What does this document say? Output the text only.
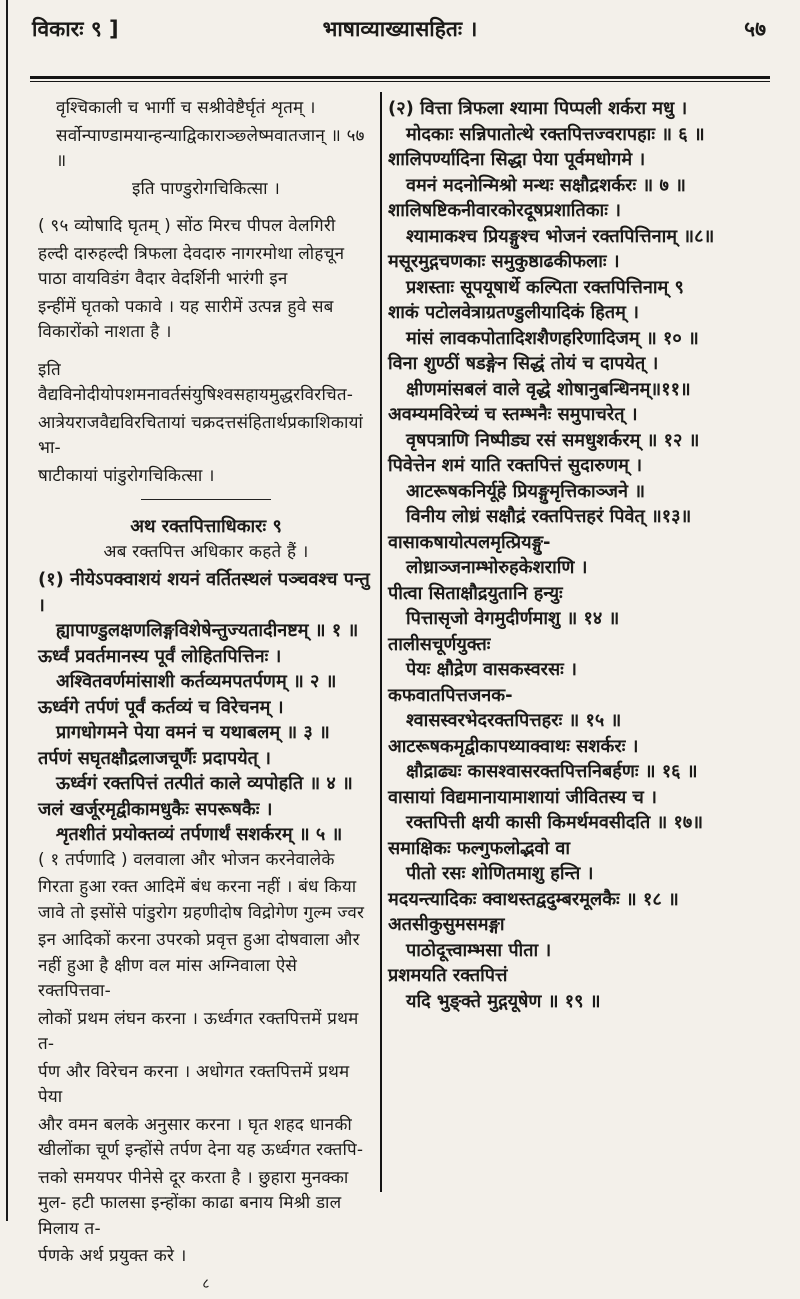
विकारः ९ ]	भाषाव्याख्यासहितः ।	५७

वृश्चिकाली च भार्गी च सश्रीवेष्टैर्घृतं शृतम् ।

सर्वोन्पाण्डामयान्हन्याद्विकाराञ्छ्लेष्मवातजान् ॥ ५७ ॥

इति पाण्डुरोगचिकित्सा ।

( ९५ व्योषादि घृतम् ) सोंठ मिरच पीपल वेलगिरी

हल्दी दारुहल्दी त्रिफला देवदारु नागरमोथा लोहचून पाठा वायविडंग वैदार वेदर्शिनी भारंगी इन

इन्हींमें घृतको पकावे । यह सारीमें उत्पन्न हुवे सब विकारोंको नाशता है ।

इति वैद्यविनोदीयोपशमनावर्तसंयुषिश्वसहायमुद्धरविरचित-

आत्रेयराजवैद्यविरचितायां चक्रदत्तसंहितार्थप्रकाशिकायां भा-

षाटीकायां पांडुरोगचिकित्सा ।

अथ रक्तपित्ताधिकारः ९

अब रक्तपित्त अधिकार कहते हैं ।

(१) नीयेऽपक्वाशयं शयनं वर्तितस्थलं पञ्चवश्च पन्तु ।

ह्यापाण्डुलक्षणलिङ्गविशेषेन्तुज्यतादीनष्टम् ॥ १ ॥

ऊर्ध्वं प्रवर्तमानस्य पूर्वं लोहितपित्तिनः ।

अश्वितवर्णमांसाशी कर्तव्यमपतर्पणम् ॥ २ ॥

ऊर्ध्वगे तर्पणं पूर्वं कर्तव्यं च विरेचनम् ।

प्रागधोगमने पेया वमनं च यथाबलम् ॥ ३ ॥

तर्पणं सघृतक्षौद्रलाजचूर्णैः प्रदापयेत् ।

ऊर्ध्वगं रक्तपित्तं तत्पीतं काले व्यपोहति ॥ ४ ॥

जलं खर्जूरमृद्वीकामधुकैः सपरूषकैः ।

शृतशीतं प्रयोक्तव्यं तर्पणार्थं सशर्करम् ॥ ५ ॥

( १ तर्पणादि ) वलवाला और भोजन करनेवालेके

गिरता हुआ रक्त आदिमें बंध करना नहीं । बंध किया जावे तो इसोंसे पांडुरोग ग्रहणीदोष विद्रोगेण गुल्म ज्वर

इन आदिकों करना उपरको प्रवृत्त हुआ दोषवाला और नहीं हुआ है क्षीण वल मांस अग्निवाला ऐसे रक्तपित्तवा-

लोकों प्रथम लंघन करना । ऊर्ध्वगत रक्तपित्तमें प्रथम त-

र्पण और विरेचन करना । अधोगत रक्तपित्तमें प्रथम पेया

और वमन बलके अनुसार करना । घृत शहद धानकी खीलोंका चूर्ण इन्होंसे तर्पण देना यह ऊर्ध्वगत रक्तपि-

त्तको समयपर पीनेसे दूर करता है । छुहारा मुनक्का मुल- हटी फालसा इन्होंका काढा बनाय मिश्री डाल मिलाय त-

र्पणके अर्थ प्रयुक्त करे ।

८

(२) वित्ता त्रिफला श्यामा पिप्पली शर्करा मधु ।

मोदकाः सन्निपातोत्थे रक्तपित्तज्वरापहाः ॥ ६ ॥

शालिपर्ण्यादिना सिद्धा पेया पूर्वमधोगमे ।

वमनं मदनोन्मिश्रो मन्थः सक्षौद्रशर्करः ॥ ७ ॥

शालिषष्टिकनीवारकोरदूषप्रशातिकाः ।

श्यामाकश्च प्रियङ्गुश्च भोजनं रक्तपित्तिनाम् ॥८॥

मसूरमुद्गचणकाः समुकुष्ठाढकीफलाः ।

प्रशस्ताः सूपयूषार्थे कल्पिता रक्तपित्तिनाम् ९

शाकं पटोलवेत्राग्रतण्डुलीयादिकं हितम् ।

मांसं लावकपोतादिशशैणहरिणादिजम् ॥ १० ॥

विना शुण्ठीं षडङ्गेन सिद्धं तोयं च दापयेत् ।

क्षीणमांसबलं वाले वृद्धे शोषानुबन्धिनम्॥११॥

अवम्यमविरेच्यं च स्तम्भनैः समुपाचरेत् ।

वृषपत्राणि निष्पीड्य रसं समधुशर्करम् ॥ १२ ॥

पिवेत्तेन शमं याति रक्तपित्तं सुदारुणम् ।

आटरूषकनिर्यूहे प्रियङ्गुमृत्तिकाञ्जने ॥

विनीय लोध्रं सक्षौद्रं रक्तपित्तहरं पिवेत् ॥१३॥

वासाकषायोत्पलमृत्प्रियङ्गु-

लोध्राञ्जनाम्भोरुहकेशराणि ।

पीत्वा सिताक्षौद्रयुतानि हन्युः

पित्तासृजो वेगमुदीर्णमाशु ॥ १४ ॥

तालीसचूर्णयुक्तः

पेयः क्षौद्रेण वासकस्वरसः ।

कफवातपित्तजनक-

श्वासस्वरभेदरक्तपित्तहरः ॥ १५ ॥

आटरूषकमृद्वीकापथ्याक्वाथः सशर्करः ।

क्षौद्राढ्यः कासश्वासरक्तपित्तनिबर्हणः ॥ १६ ॥

वासायां विद्यमानायामाशायां जीवितस्य च ।

रक्तपित्ती क्षयी कासी किमर्थमवसीदति ॥ १७॥

समाक्षिकः फल्गुफलोद्भवो वा

पीतो रसः शोणितमाशु हन्ति ।

मदयन्त्यादिकः क्वाथस्तद्वदुम्बरमूलकैः ॥ १८ ॥

अतसीकुसुमसमङ्गा

पाठोदूत्त्वाम्भसा पीता ।

प्रशमयति रक्तपित्तं

यदि भुङ्क्ते मुद्गयूषेण ॥ १९ ॥
